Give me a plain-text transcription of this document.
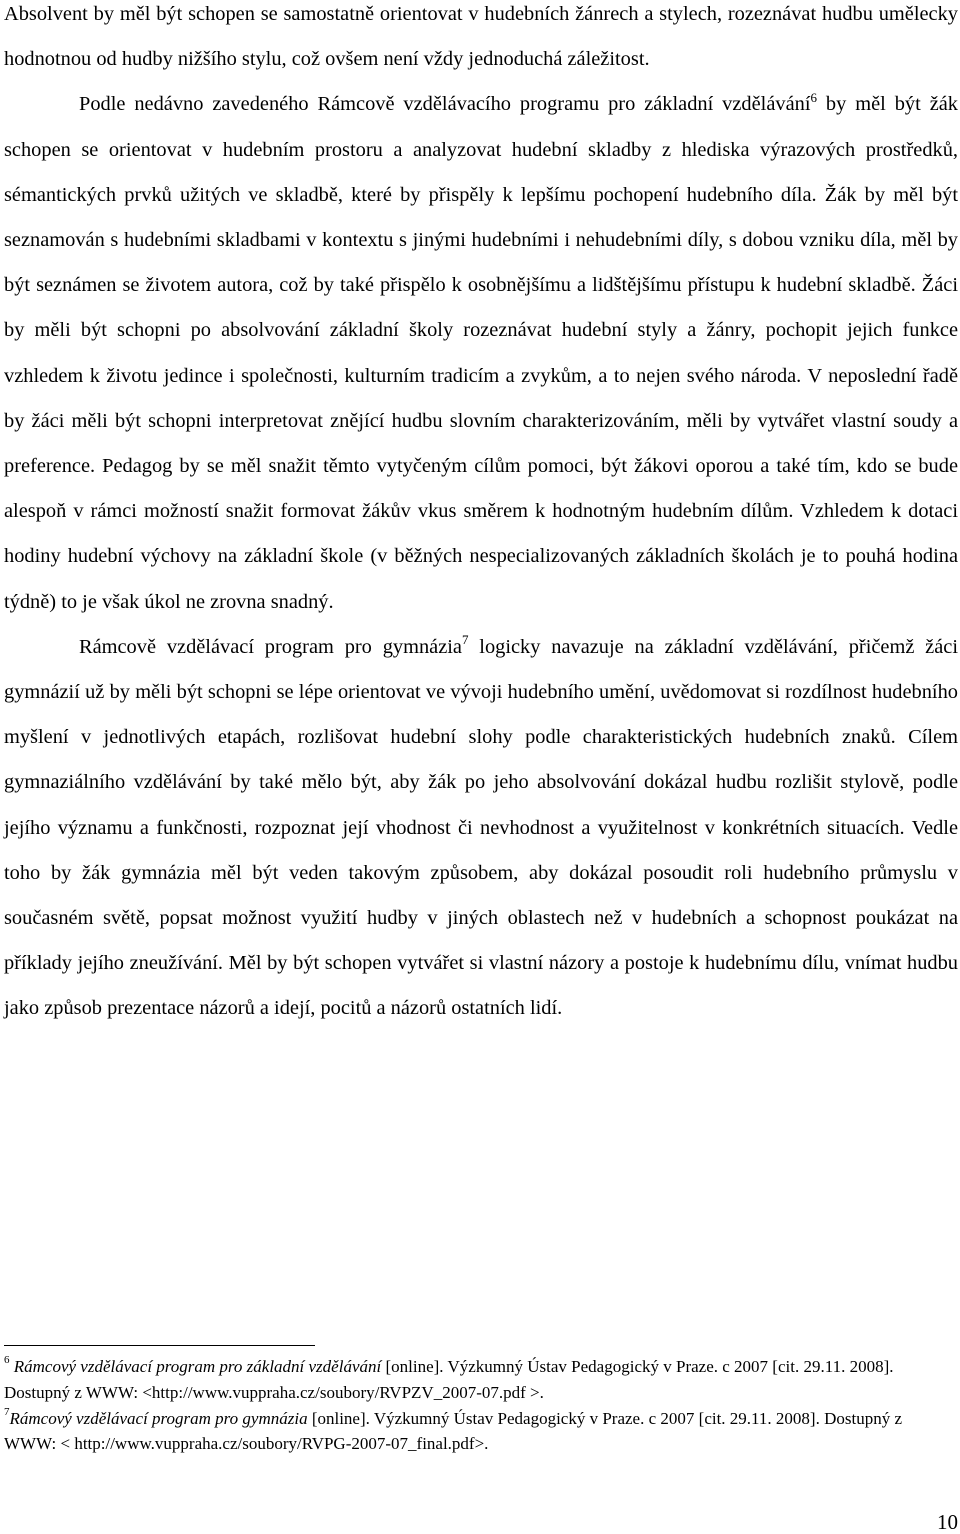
Absolvent by měl být schopen se samostatně orientovat v hudebních žánrech a stylech, rozeznávat hudbu umělecky hodnotnou od hudby nižšího stylu, což ovšem není vždy jednoduchá záležitost.

Podle nedávno zavedeného Rámcově vzdělávacího programu pro základní vzdělávání$^6$ by měl být žák schopen se orientovat v hudebním prostoru a analyzovat hudební skladby z hlediska výrazových prostředků, sémantických prvků užitých ve skladbě, které by přispěly k lepšímu pochopení hudebního díla. Žák by měl být seznamován s hudebními skladbami v kontextu s jinými hudebními i nehudebními díly, s dobou vzniku díla, měl by být seznámen se životem autora, což by také přispělo k osobnějšímu a lidštějšímu přístupu k hudební skladbě. Žáci by měli být schopni po absolvování základní školy rozeznávat hudební styly a žánry, pochopit jejich funkce vzhledem k životu jedince i společnosti, kulturním tradicím a zvykům, a to nejen svého národa. V neposlední řadě by žáci měli být schopni interpretovat znějící hudbu slovním charakterizováním, měli by vytvářet vlastní soudy a preference. Pedagog by se měl snažit těmto vytyčeným cílům pomoci, být žákovi oporou a také tím, kdo se bude alespoň v rámci možností snažit formovat žákův vkus směrem k hodnotným hudebním dílům. Vzhledem k dotaci hodiny hudební výchovy na základní škole (v běžných nespecializovaných základních školách je to pouhá hodina týdně) to je však úkol ne zrovna snadný.

Rámcově vzdělávací program pro gymnázia$^7$ logicky navazuje na základní vzdělávání, přičemž žáci gymnázií už by měli být schopni se lépe orientovat ve vývoji hudebního umění, uvědomovat si rozdílnost hudebního myšlení v jednotlivých etapách, rozlišovat hudební slohy podle charakteristických hudebních znaků. Cílem gymnaziálního vzdělávání by také mělo být, aby žák po jeho absolvování dokázal hudbu rozlišit stylově, podle jejího významu a funkčnosti, rozpoznat její vhodnost či nevhodnost a využitelnost v konkrétních situacích. Vedle toho by žák gymnázia měl být veden takovým způsobem, aby dokázal posoudit roli hudebního průmyslu v současném světě, popsat možnost využití hudby v jiných oblastech než v hudebních a schopnost poukázat na příklady jejího zneužívání. Měl by být schopen vytvářet si vlastní názory a postoje k hudebnímu dílu, vnímat hudbu jako způsob prezentace názorů a idejí, pocitů a názorů ostatních lidí.

$^6$ Rámcový vzdělávací program pro základní vzdělávání [online]. Výzkumný Ústav Pedagogický v Praze. c 2007 [cit. 29.11. 2008]. Dostupný z WWW: <http://www.vuppraha.cz/soubory/RVPZV_2007-07.pdf >.

$^7$Rámcový vzdělávací program pro gymnázia [online]. Výzkumný Ústav Pedagogický v Praze. c 2007 [cit. 29.11. 2008]. Dostupný z WWW: < http://www.vuppraha.cz/soubory/RVPG-2007-07_final.pdf>.

10
